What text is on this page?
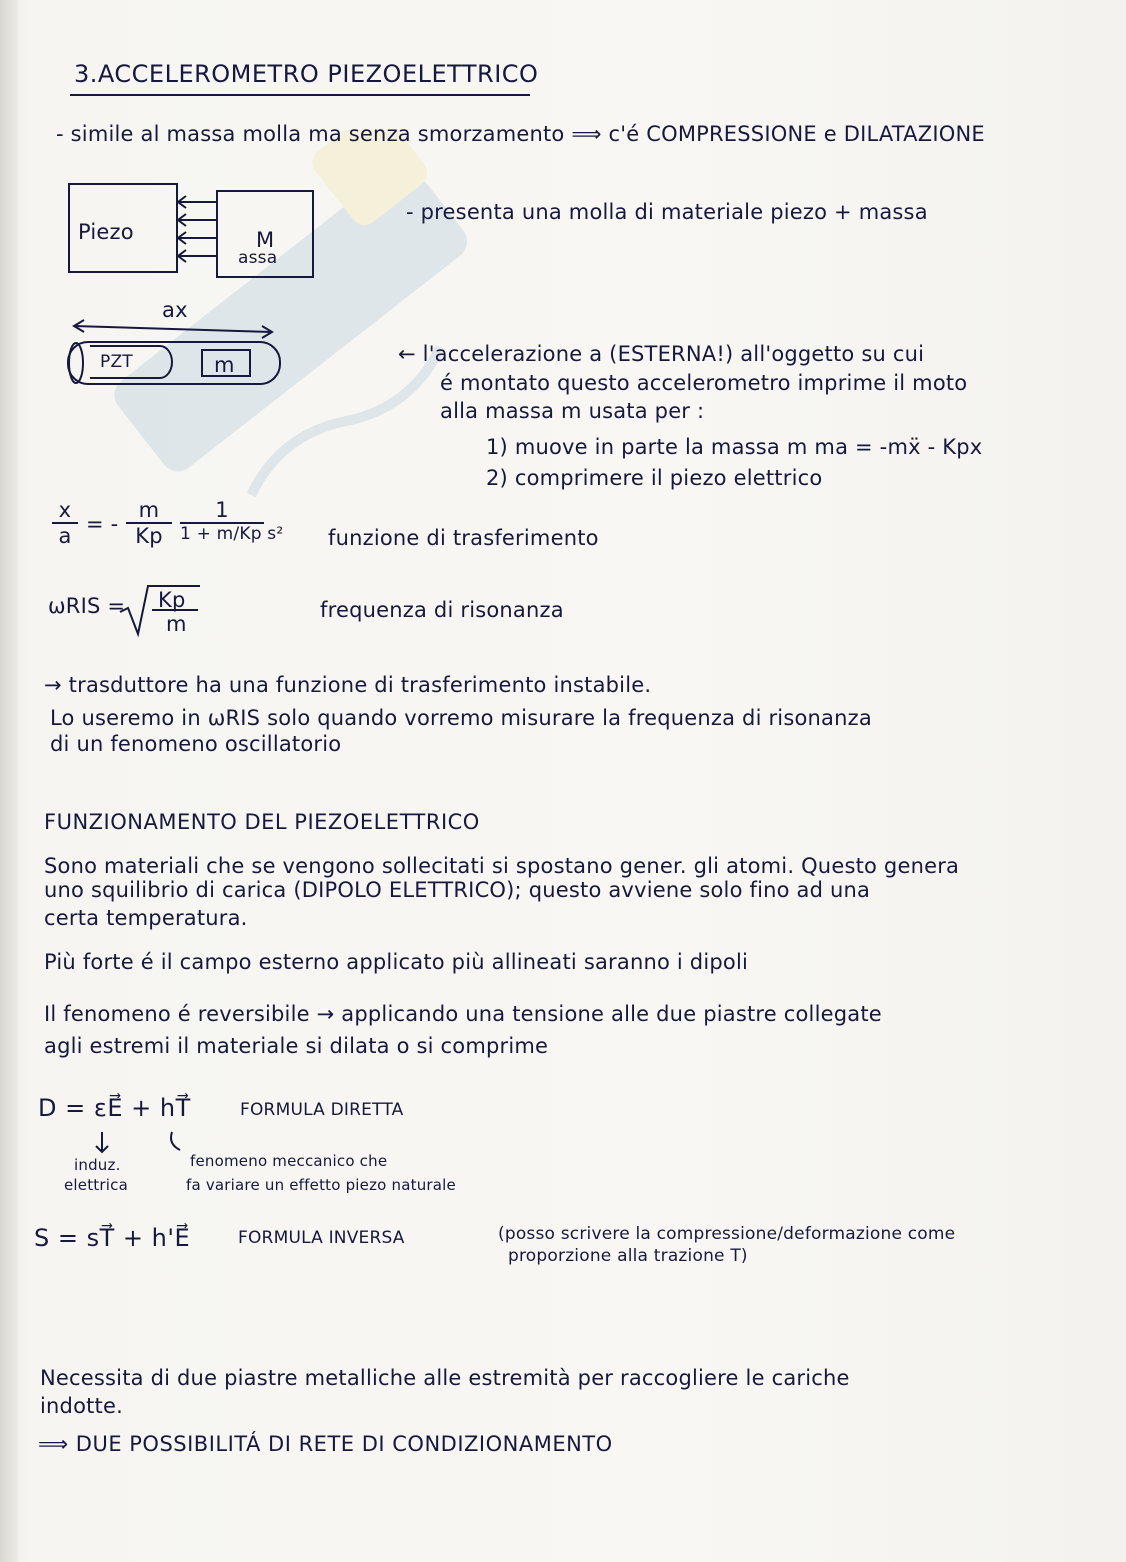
3.ACCELEROMETRO PIEZOELETTRICO
- simile al massa molla ma senza smorzamento ⟹ c'é COMPRESSIONE e DILATAZIONE
Piezo	M
assa
- presenta una molla di materiale piezo + massa
ax
PZT	m	← l'accelerazione a (ESTERNA!) all'oggetto su cui
é montato questo accelerometro imprime il moto
alla massa m usata per :
1) muove in parte la massa m ma = -mẍ - Kpx
2) comprimere il piezo elettrico
$\frac{x}{a}$ = - $\frac{m}{Kp}$	1
1 + m/Kp s² funzione di trasferimento
ωRIS = Kp
m
frequenza di risonanza
→ trasduttore ha una funzione di trasferimento instabile.
Lo useremo in ωRIS solo quando vorremo misurare la frequenza di risonanza
di un fenomeno oscillatorio
FUNZIONAMENTO DEL PIEZOELETTRICO
Sono materiali che se vengono sollecitati si spostano gener. gli atomi. Questo genera
uno squilibrio di carica (DIPOLO ELETTRICO); questo avviene solo fino ad una
certa temperatura.
Più forte é il campo esterno applicato più allineati saranno i dipoli
Il fenomeno é reversibile → applicando una tensione alle due piastre collegate
agli estremi il materiale si dilata o si comprime
D = εE⃗ + hT⃗	FORMULA DIRETTA
induz.
elettrica
fenomeno meccanico che
fa variare un effetto piezo naturale
S = sT⃗ + h'E⃗	FORMULA INVERSA	(posso scrivere la compressione/deformazione come
proporzione alla trazione T)
Necessita di due piastre metalliche alle estremità per raccogliere le cariche
indotte.
⟹ DUE POSSIBILITÁ DI RETE DI CONDIZIONAMENTO
